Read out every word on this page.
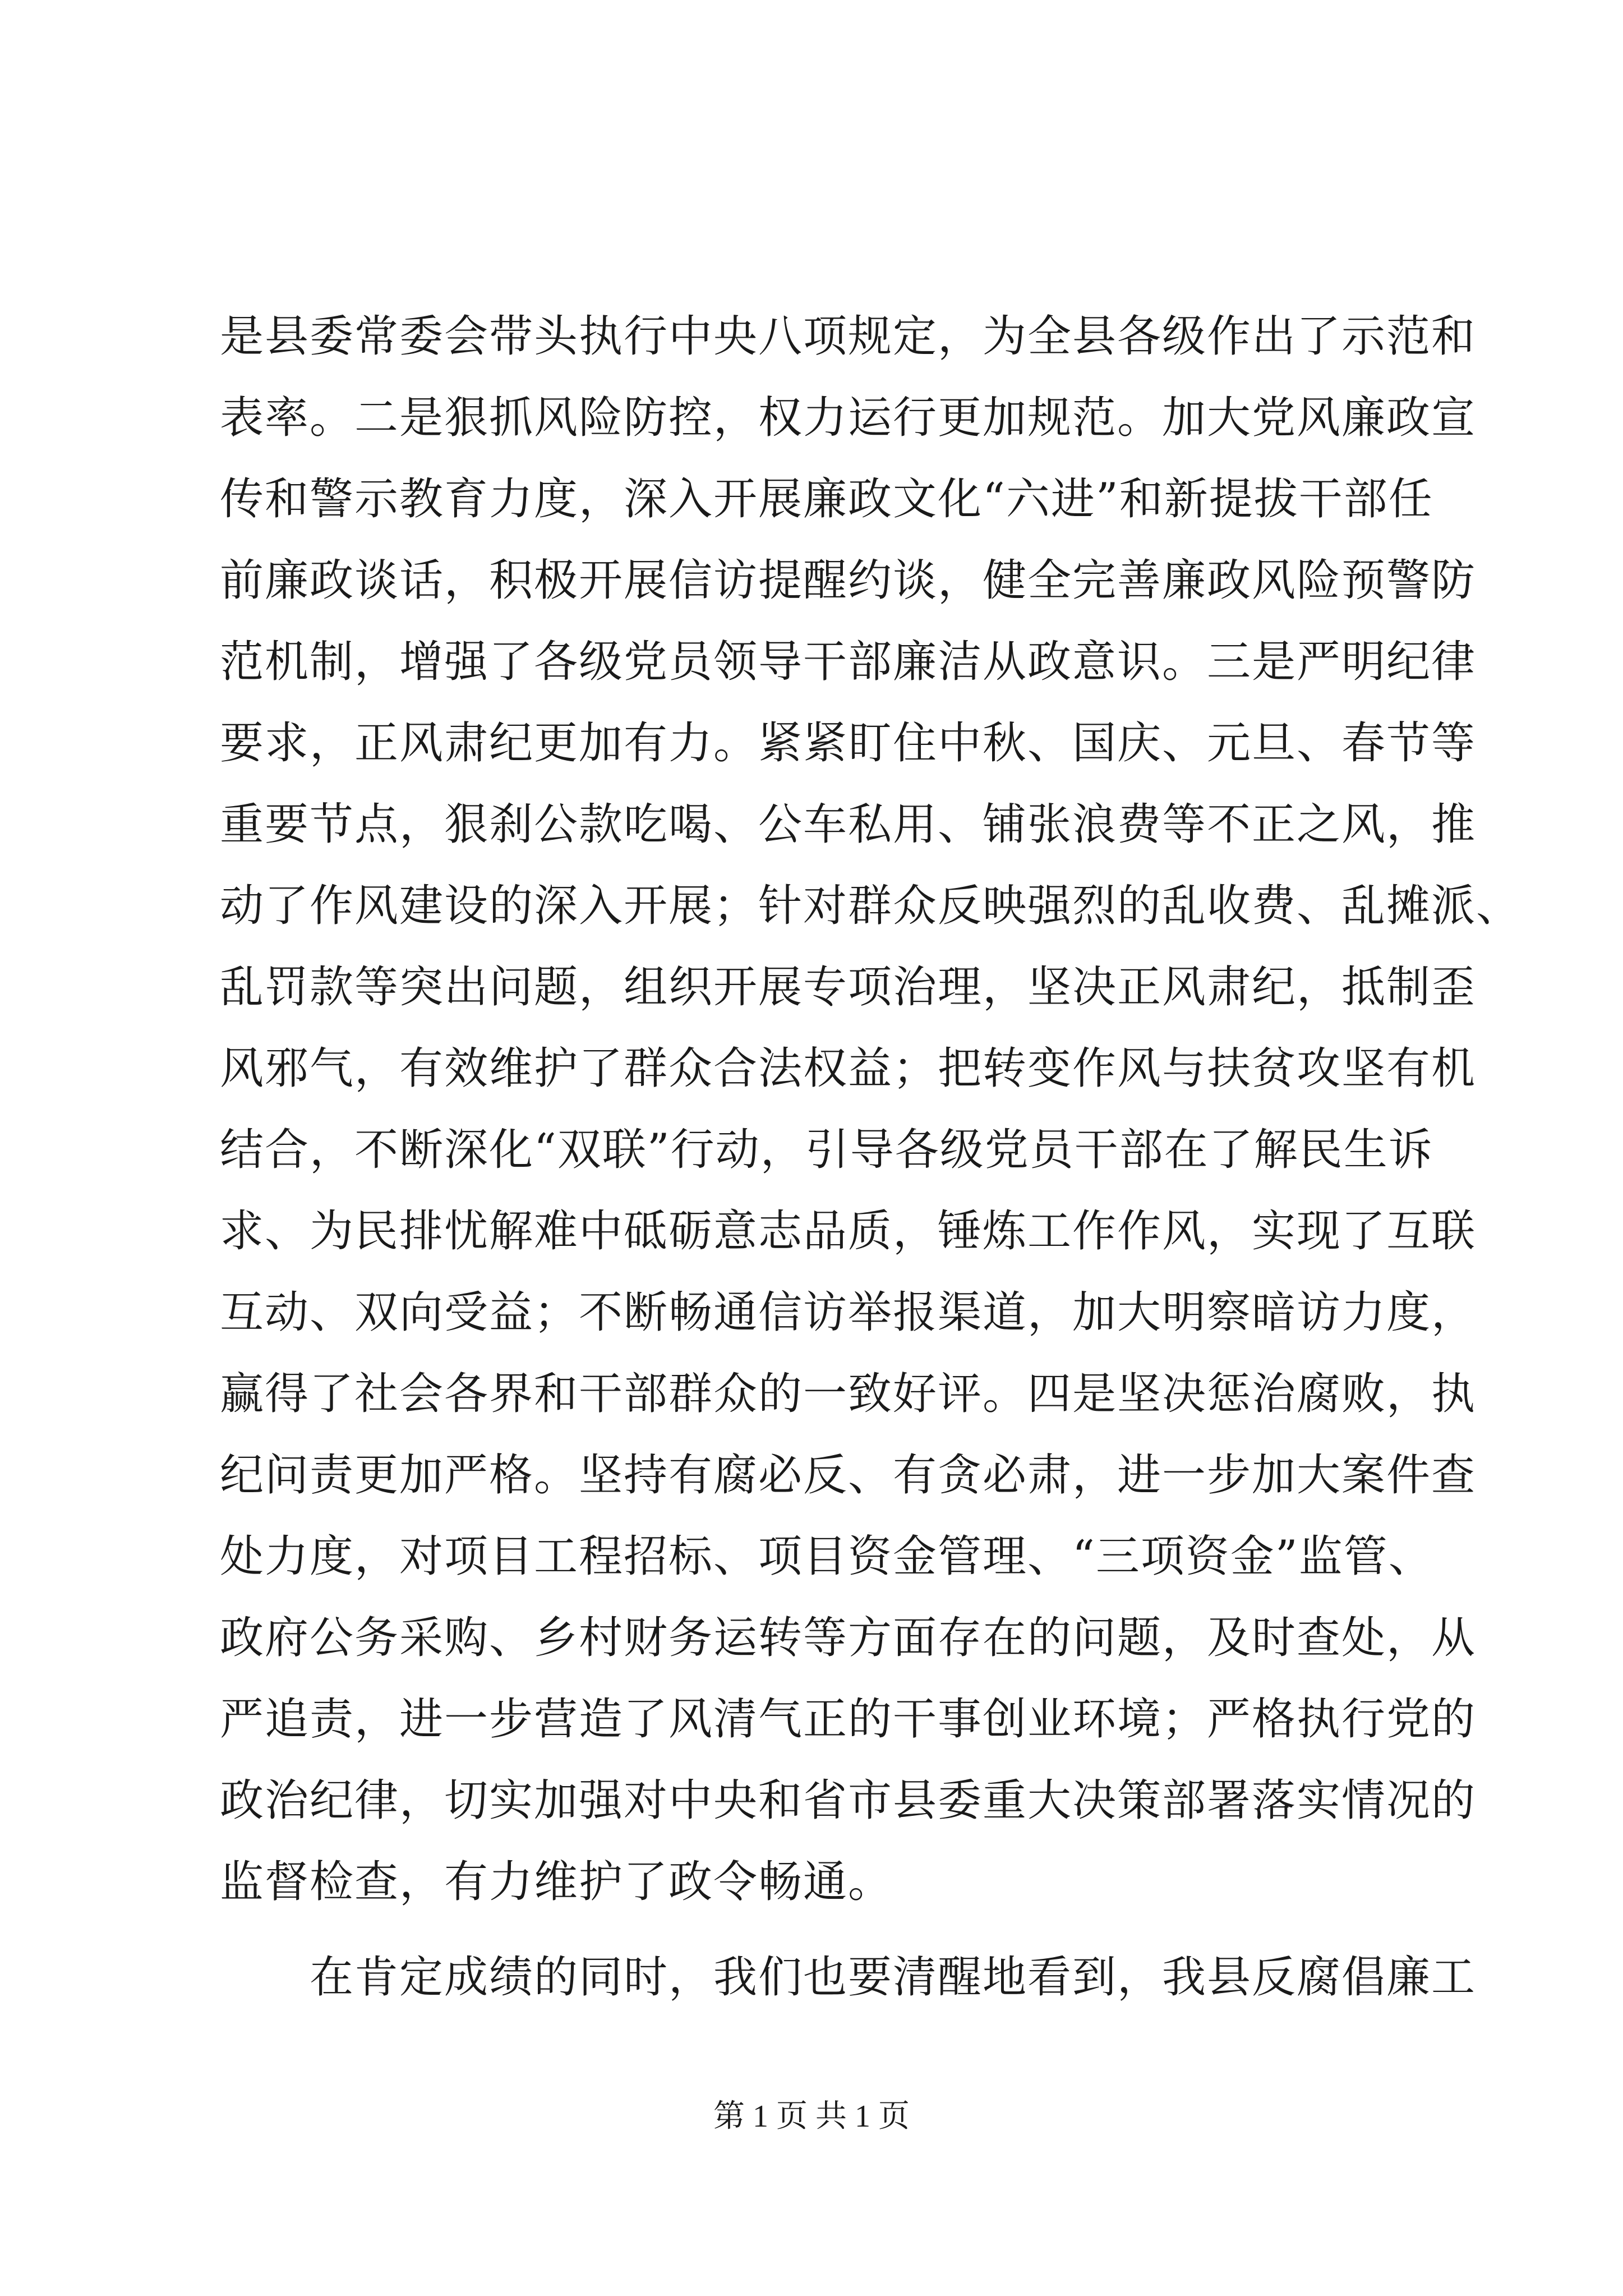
是县委常委会带头执行中央八项规定，为全县各级作出了示范和
表率。二是狠抓风险防控，权力运行更加规范。加大党风廉政宣
传和警示教育力度，深入开展廉政文化“六进”和新提拔干部任
前廉政谈话，积极开展信访提醒约谈，健全完善廉政风险预警防
范机制，增强了各级党员领导干部廉洁从政意识。三是严明纪律
要求，正风肃纪更加有力。紧紧盯住中秋、国庆、元旦、春节等
重要节点，狠刹公款吃喝、公车私用、铺张浪费等不正之风，推
动了作风建设的深入开展；针对群众反映强烈的乱收费、乱摊派、
乱罚款等突出问题，组织开展专项治理，坚决正风肃纪，抵制歪
风邪气，有效维护了群众合法权益；把转变作风与扶贫攻坚有机
结合，不断深化“双联”行动，引导各级党员干部在了解民生诉
求、为民排忧解难中砥砺意志品质，锤炼工作作风，实现了互联
互动、双向受益；不断畅通信访举报渠道，加大明察暗访力度，
赢得了社会各界和干部群众的一致好评。四是坚决惩治腐败，执
纪问责更加严格。坚持有腐必反、有贪必肃，进一步加大案件查
处力度，对项目工程招标、项目资金管理、“三项资金”监管、
政府公务采购、乡村财务运转等方面存在的问题，及时查处，从
严追责，进一步营造了风清气正的干事创业环境；严格执行党的
政治纪律，切实加强对中央和省市县委重大决策部署落实情况的
监督检查，有力维护了政令畅通。
在肯定成绩的同时，我们也要清醒地看到，我县反腐倡廉工
第 1 页 共 1 页
